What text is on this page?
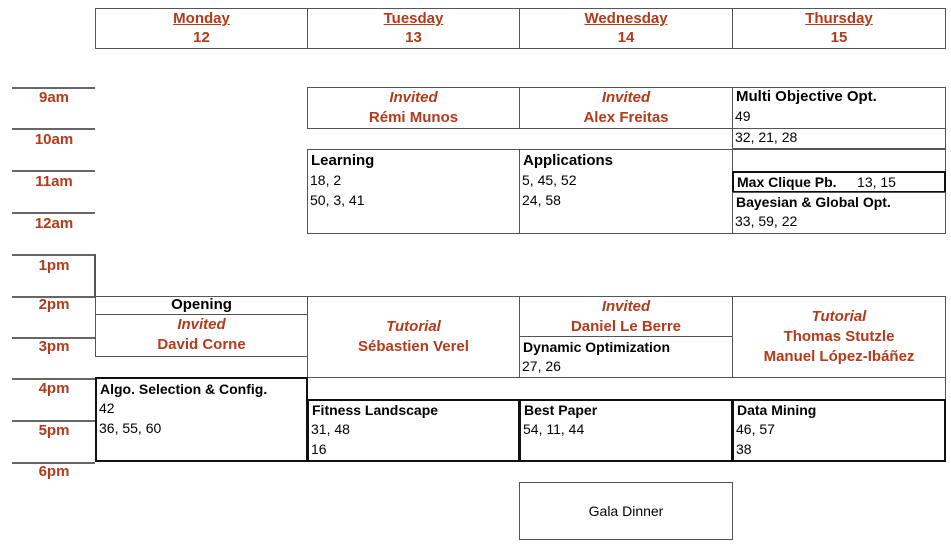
Monday
12
Tuesday
13
Wednesday
14
Thursday
15
9am
10am
11am
12am
1pm
2pm
3pm
4pm
5pm
6pm
Invited
Rémi Munos
Invited
Alex Freitas
Multi Objective Opt.
49
32, 21, 28
Learning
18, 2
50, 3, 41
Applications
5, 45, 52
24, 58
Max Clique Pb. 13, 15
Bayesian & Global Opt.
33, 59, 22
Opening
Invited
David Corne
Tutorial
Sébastien Verel
Invited
Daniel Le Berre
Dynamic Optimization
27, 26
Tutorial
Thomas Stutzle
Manuel López-Ibáñez
Algo. Selection & Config.
42
36, 55, 60
Fitness Landscape
31, 48
16
Best Paper
54, 11, 44
Data Mining
46, 57
38
Gala Dinner
